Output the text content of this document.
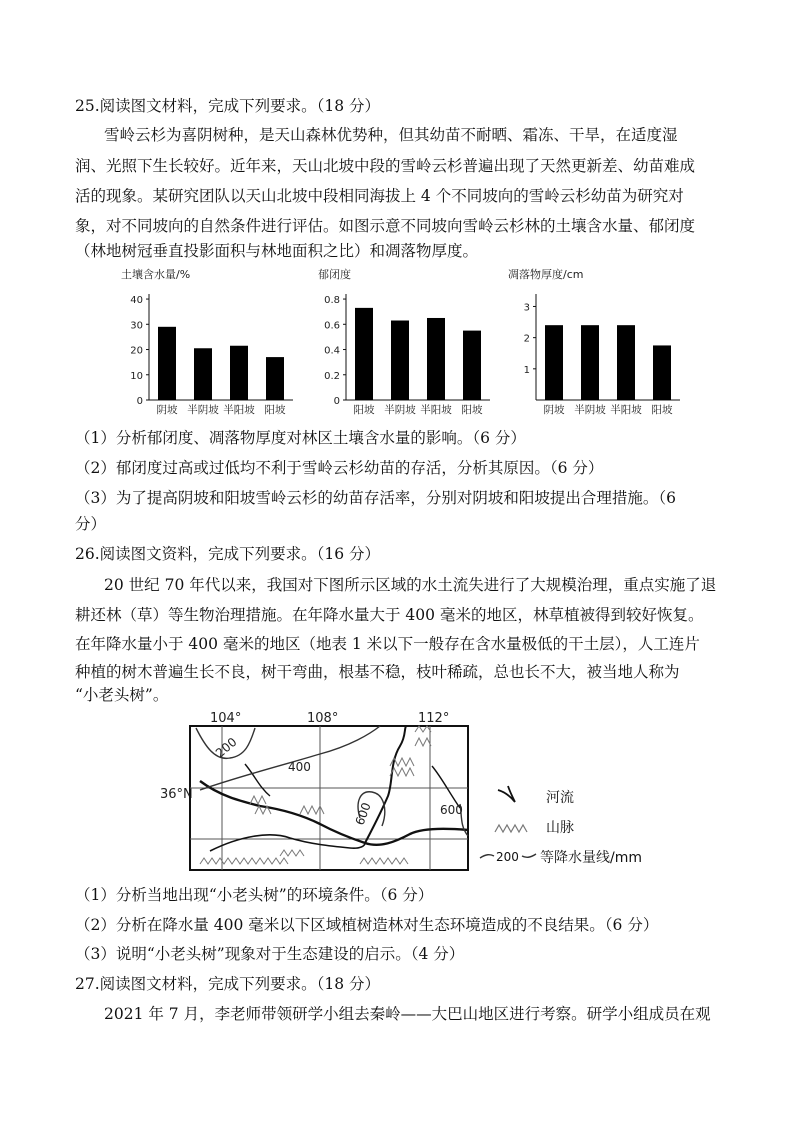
25.阅读图文材料，完成下列要求。（18 分）
雪岭云杉为喜阴树种，是天山森林优势种，但其幼苗不耐晒、霜冻、干旱，在适度湿
润、光照下生长较好。近年来，天山北坡中段的雪岭云杉普遍出现了天然更新差、幼苗难成
活的现象。某研究团队以天山北坡中段相同海拔上 4 个不同坡向的雪岭云杉幼苗为研究对
象，对不同坡向的自然条件进行评估。如图示意不同坡向雪岭云杉林的土壤含水量、郁闭度
（林地树冠垂直投影面积与林地面积之比）和凋落物厚度。
土壤含水量/%
0
10
20
30
40
阴坡 半阴坡 半阳坡 阳坡
郁闭度
0
0.2
0.4
0.6
0.8
阳坡 半阴坡 半阳坡 阳坡
凋落物厚度/cm
1
2
3
阴坡 半阴坡 半阳坡 阳坡
（1）分析郁闭度、凋落物厚度对林区土壤含水量的影响。（6 分）
（2）郁闭度过高或过低均不利于雪岭云杉幼苗的存活，分析其原因。（6 分）
（3）为了提高阴坡和阳坡雪岭云杉的幼苗存活率，分别对阴坡和阳坡提出合理措施。（6
分）
26.阅读图文资料，完成下列要求。（16 分）
20 世纪 70 年代以来，我国对下图所示区域的水土流失进行了大规模治理，重点实施了退
耕还林（草）等生物治理措施。在年降水量大于 400 毫米的地区，林草植被得到较好恢复。
在年降水量小于 400 毫米的地区（地表 1 米以下一般存在含水量极低的干土层），人工连片
种植的树木普遍生长不良，树干弯曲，根基不稳，枝叶稀疏，总也长不大，被当地人称为
“小老头树”。
104°	108°	112°
36°N
200
400
600	600
河流
山脉
200 等降水量线/mm
（1）分析当地出现“小老头树”的环境条件。（6 分）
（2）分析在降水量 400 毫米以下区域植树造林对生态环境造成的不良结果。（6 分）
（3）说明“小老头树”现象对于生态建设的启示。（4 分）
27.阅读图文材料，完成下列要求。（18 分）
2021 年 7 月，李老师带领研学小组去秦岭——大巴山地区进行考察。研学小组成员在观
